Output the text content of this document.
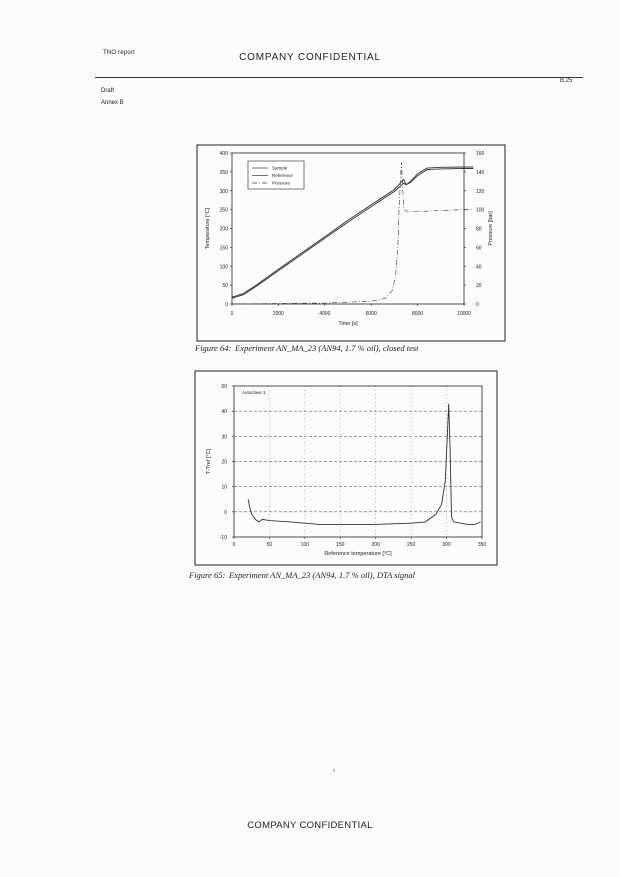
TNO report	COMPANY CONFIDENTIAL
B.25
Draft
Annex B
0	2000	4000	6000	8000	10000
0
50
100
150
200
250
300
350
400
0
20
40
60
80
100
120
140
160
Time [s]
Temperature [°C]	Pressure [bar]
Sample
Reference
Pressure
Figure 64: Experiment AN_MA_23 (AN94, 1.7 % oil), closed test
0	50	100	150	200	250	300	350
-10
0
10
20
30
40
50
Reference temperature [°C]
T-Tref [°C]
Autoclave 1
Figure 65: Experiment AN_MA_23 (AN94, 1.7 % oil), DTA signal
‹
COMPANY CONFIDENTIAL
